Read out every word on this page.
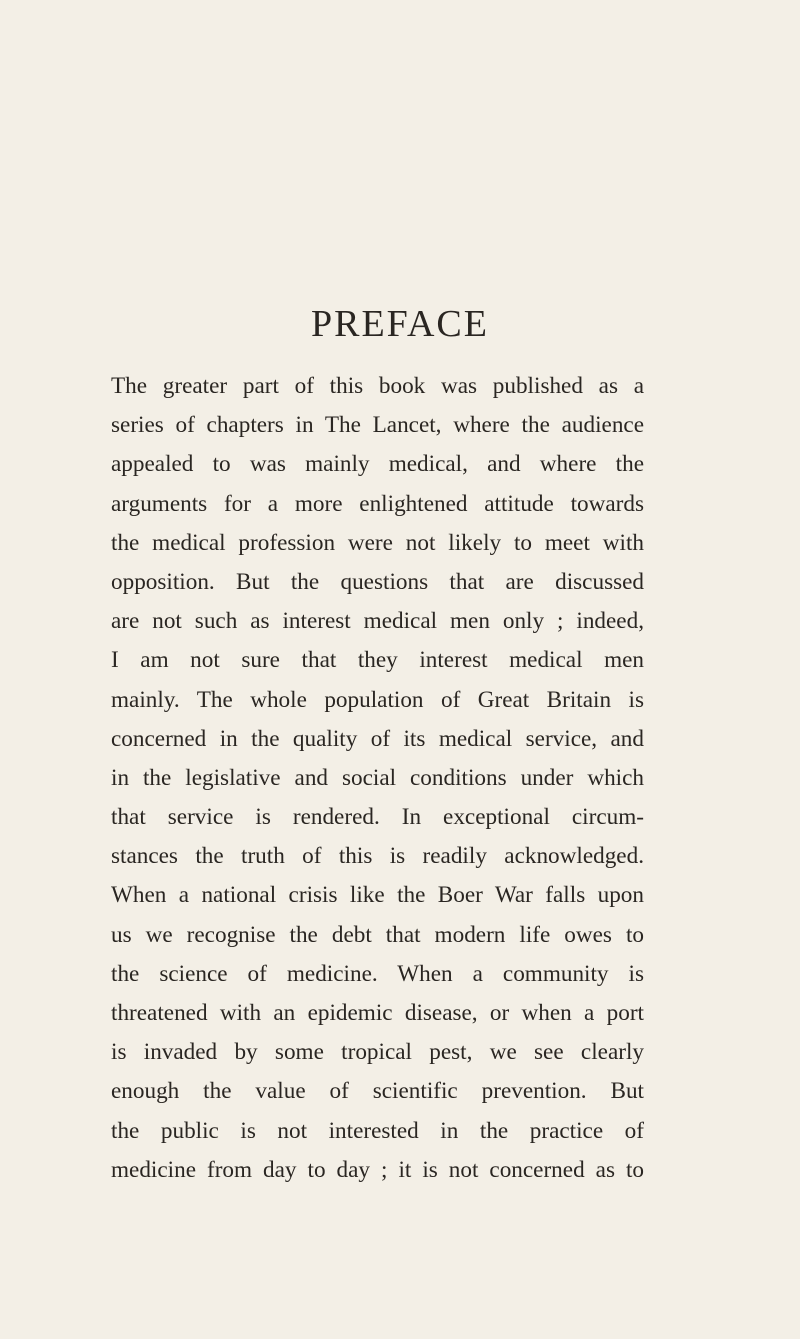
PREFACE
The greater part of this book was published as a
series of chapters in The Lancet, where the audience
appealed to was mainly medical, and where the
arguments for a more enlightened attitude towards
the medical profession were not likely to meet with
opposition. But the questions that are discussed
are not such as interest medical men only ; indeed,
I am not sure that they interest medical men
mainly. The whole population of Great Britain is
concerned in the quality of its medical service, and
in the legislative and social conditions under which
that service is rendered. In exceptional circum-
stances the truth of this is readily acknowledged.
When a national crisis like the Boer War falls upon
us we recognise the debt that modern life owes to
the science of medicine. When a community is
threatened with an epidemic disease, or when a port
is invaded by some tropical pest, we see clearly
enough the value of scientific prevention. But
the public is not interested in the practice of
medicine from day to day ; it is not concerned as to
